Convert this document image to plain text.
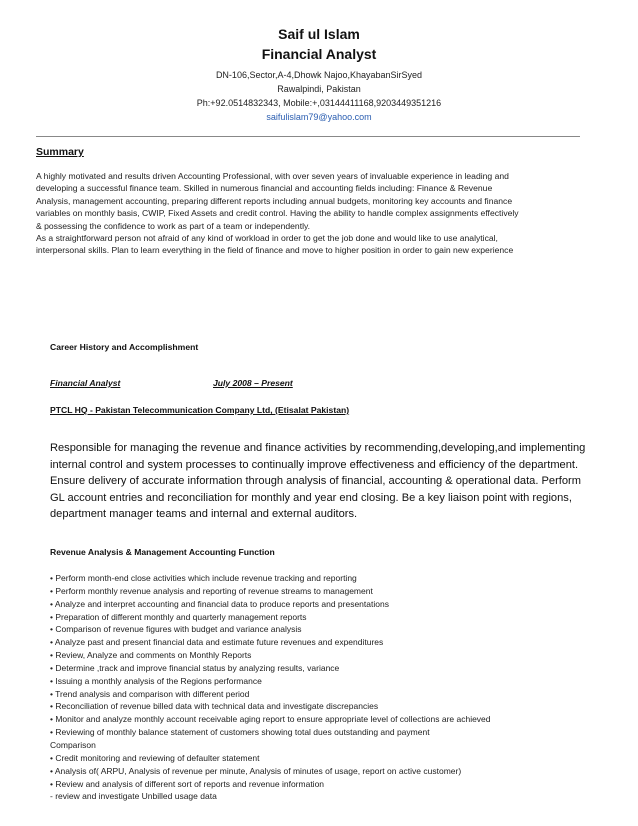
Saif ul Islam
Financial Analyst
DN-106,Sector,A-4,Dhowk Najoo,KhayabanSirSyed
Rawalpindi, Pakistan
Ph:+92.0514832343, Mobile:+,03144411168,9203449351216
saifulislam79@yahoo.com
Summary
A highly motivated and results driven Accounting Professional, with over seven years of invaluable experience in leading and
developing a successful finance team. Skilled in numerous financial and accounting fields including: Finance & Revenue
Analysis, management accounting, preparing different reports including annual budgets, monitoring key accounts and finance
variables on monthly basis, CWIP, Fixed Assets and credit control. Having the ability to handle complex assignments effectively
& possessing the confidence to work as part of a team or independently.
As a straightforward person not afraid of any kind of workload in order to get the job done and would like to use analytical,
interpersonal skills. Plan to learn everything in the field of finance and move to higher position in order to gain new experience
Career History and Accomplishment
Financial Analyst	July 2008 – Present
PTCL HQ - Pakistan Telecommunication Company Ltd, (Etisalat Pakistan)
Responsible for managing the revenue and finance activities by recommending,developing,and implementing
internal control and system processes to continually improve effectiveness and efficiency of the department.
Ensure delivery of accurate information through analysis of financial, accounting & operational data. Perform
GL account entries and reconciliation for monthly and year end closing. Be a key liaison point with regions,
department manager teams and internal and external auditors.
Revenue Analysis & Management Accounting Function
• Perform month-end close activities which include revenue tracking and reporting
• Perform monthly revenue analysis and reporting of revenue streams to management
• Analyze and interpret accounting and financial data to produce reports and presentations
• Preparation of different monthly and quarterly management reports
• Comparison of revenue figures with budget and variance analysis
• Analyze past and present financial data and estimate future revenues and expenditures
• Review, Analyze and comments on Monthly Reports
• Determine ,track and improve financial status by analyzing results, variance
• Issuing a monthly analysis of the Regions performance
• Trend analysis and comparison with different period
• Reconciliation of revenue billed data with technical data and investigate discrepancies
• Monitor and analyze monthly account receivable aging report to ensure appropriate level of collections are achieved
• Reviewing of monthly balance statement of customers showing total dues outstanding and payment
Comparison
• Credit monitoring and reviewing of defaulter statement
• Analysis of( ARPU, Analysis of revenue per minute, Analysis of minutes of usage, report on active customer)
• Review and analysis of different sort of reports and revenue information
- review and investigate Unbilled usage data
